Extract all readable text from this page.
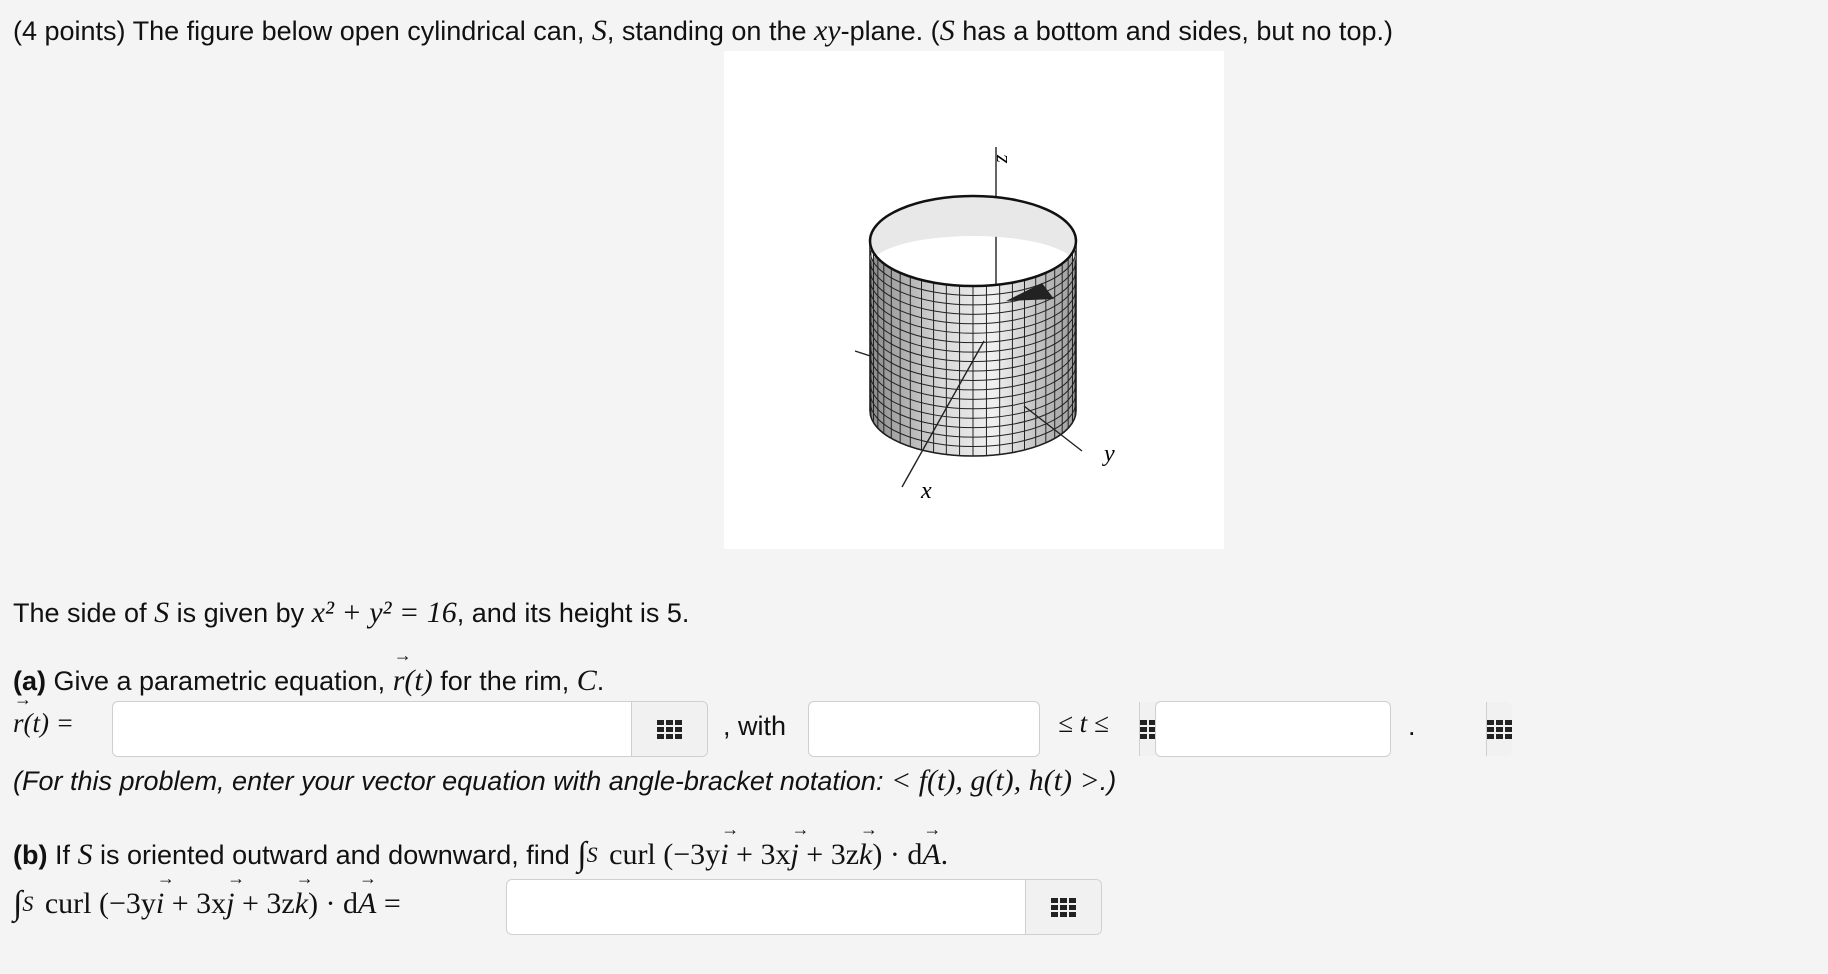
(4 points) The figure below open cylindrical can, S , standing on the xy -plane. ( S has a bottom and sides, but no top.)
z
x
y
The side of S is given by x² + y² = 16 , and its height is 5.
(a) Give a parametric equation, → r(t) for the rim, C .
→ r(t) =	, with	≤ t ≤	.
(For this problem, enter your vector equation with angle-bracket notation: < f(t), g(t), h(t) > .)
(b) If S is oriented outward and downward, find ∫ S curl (−3y → i + 3x → j + 3z → k ) · d → A .
∫ S curl (−3y → i + 3x → j + 3z → k ) · d → A =
